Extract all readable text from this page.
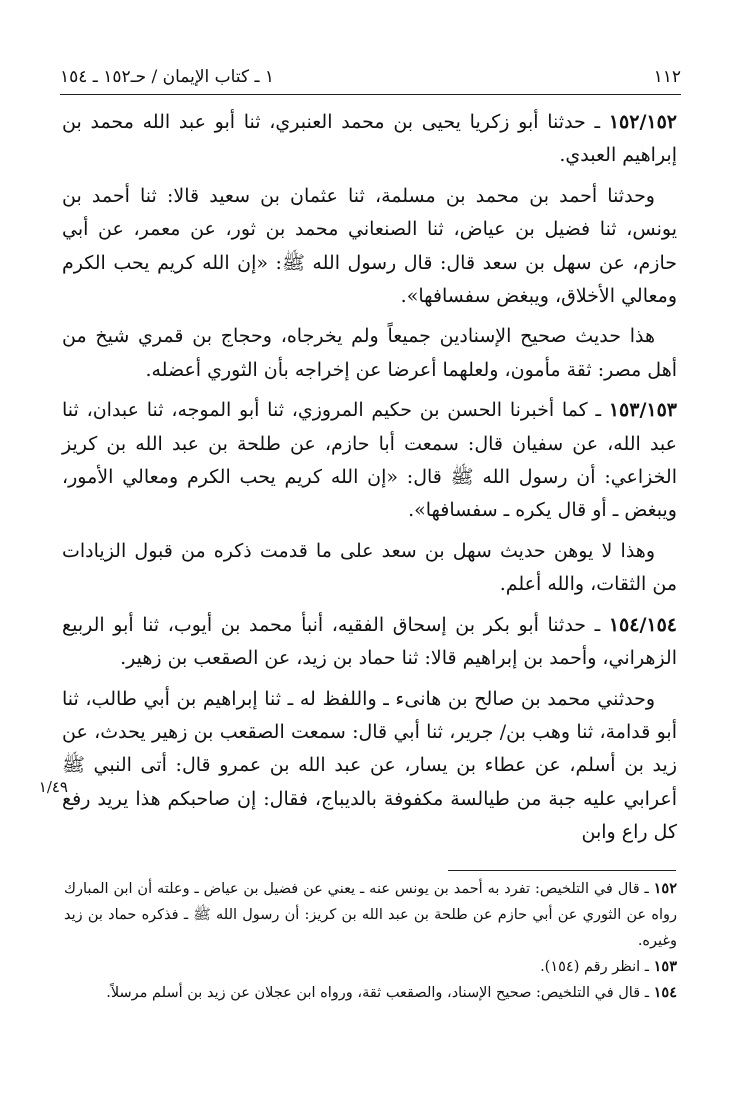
١١٢
١ ـ كتاب الإيمان / حـ١٥٢ ـ ١٥٤

١٥٢/١٥٢ ـ حدثنا أبو زكريا يحيى بن محمد العنبري، ثنا أبو عبد الله محمد بن إبراهيم العبدي.

وحدثنا أحمد بن محمد بن مسلمة، ثنا عثمان بن سعيد قالا: ثنا أحمد بن يونس، ثنا فضيل بن عياض، ثنا الصنعاني محمد بن ثور، عن معمر، عن أبي حازم، عن سهل بن سعد قال: قال رسول الله ﷺ: «إن الله كريم يحب الكرم ومعالي الأخلاق، ويبغض سفسافها».

هذا حديث صحيح الإسنادين جميعاً ولم يخرجاه، وحجاج بن قمري شيخ من أهل مصر: ثقة مأمون، ولعلهما أعرضا عن إخراجه بأن الثوري أعضله.

١٥٣/١٥٣ ـ كما أخبرنا الحسن بن حكيم المروزي، ثنا أبو الموجه، ثنا عبدان، ثنا عبد الله، عن سفيان قال: سمعت أبا حازم، عن طلحة بن عبد الله بن كريز الخزاعي: أن رسول الله ﷺ قال: «إن الله كريم يحب الكرم ومعالي الأمور، ويبغض ـ أو قال يكره ـ سفسافها».

وهذا لا يوهن حديث سهل بن سعد على ما قدمت ذكره من قبول الزيادات من الثقات، والله أعلم.

١٥٤/١٥٤ ـ حدثنا أبو بكر بن إسحاق الفقيه، أنبأ محمد بن أيوب، ثنا أبو الربيع الزهراني، وأحمد بن إبراهيم قالا: ثنا حماد بن زيد، عن الصقعب بن زهير.

وحدثني محمد بن صالح بن هانىء ـ واللفظ له ـ ثنا إبراهيم بن أبي طالب، ثنا أبو قدامة، ثنا وهب بن/ جرير، ثنا أبي قال: سمعت الصقعب بن زهير يحدث، عن زيد بن أسلم، عن عطاء بن يسار، عن عبد الله بن عمرو قال: أتى النبي ﷺ أعرابي عليه جبة من طيالسة مكفوفة بالديباج، فقال: إن صاحبكم هذا يريد رفع كل راع وابن

١/٤٩

١٥٢ ـ قال في التلخيص: تفرد به أحمد بن يونس عنه ـ يعني عن فضيل بن عياض ـ وعلته أن ابن المبارك رواه عن الثوري عن أبي حازم عن طلحة بن عبد الله بن كريز: أن رسول الله ﷺ ـ فذكره حماد بن زيد وغيره.

١٥٣ ـ انظر رقم (١٥٤).

١٥٤ ـ قال في التلخيص: صحيح الإسناد، والصقعب ثقة، ورواه ابن عجلان عن زيد بن أسلم مرسلاً.
